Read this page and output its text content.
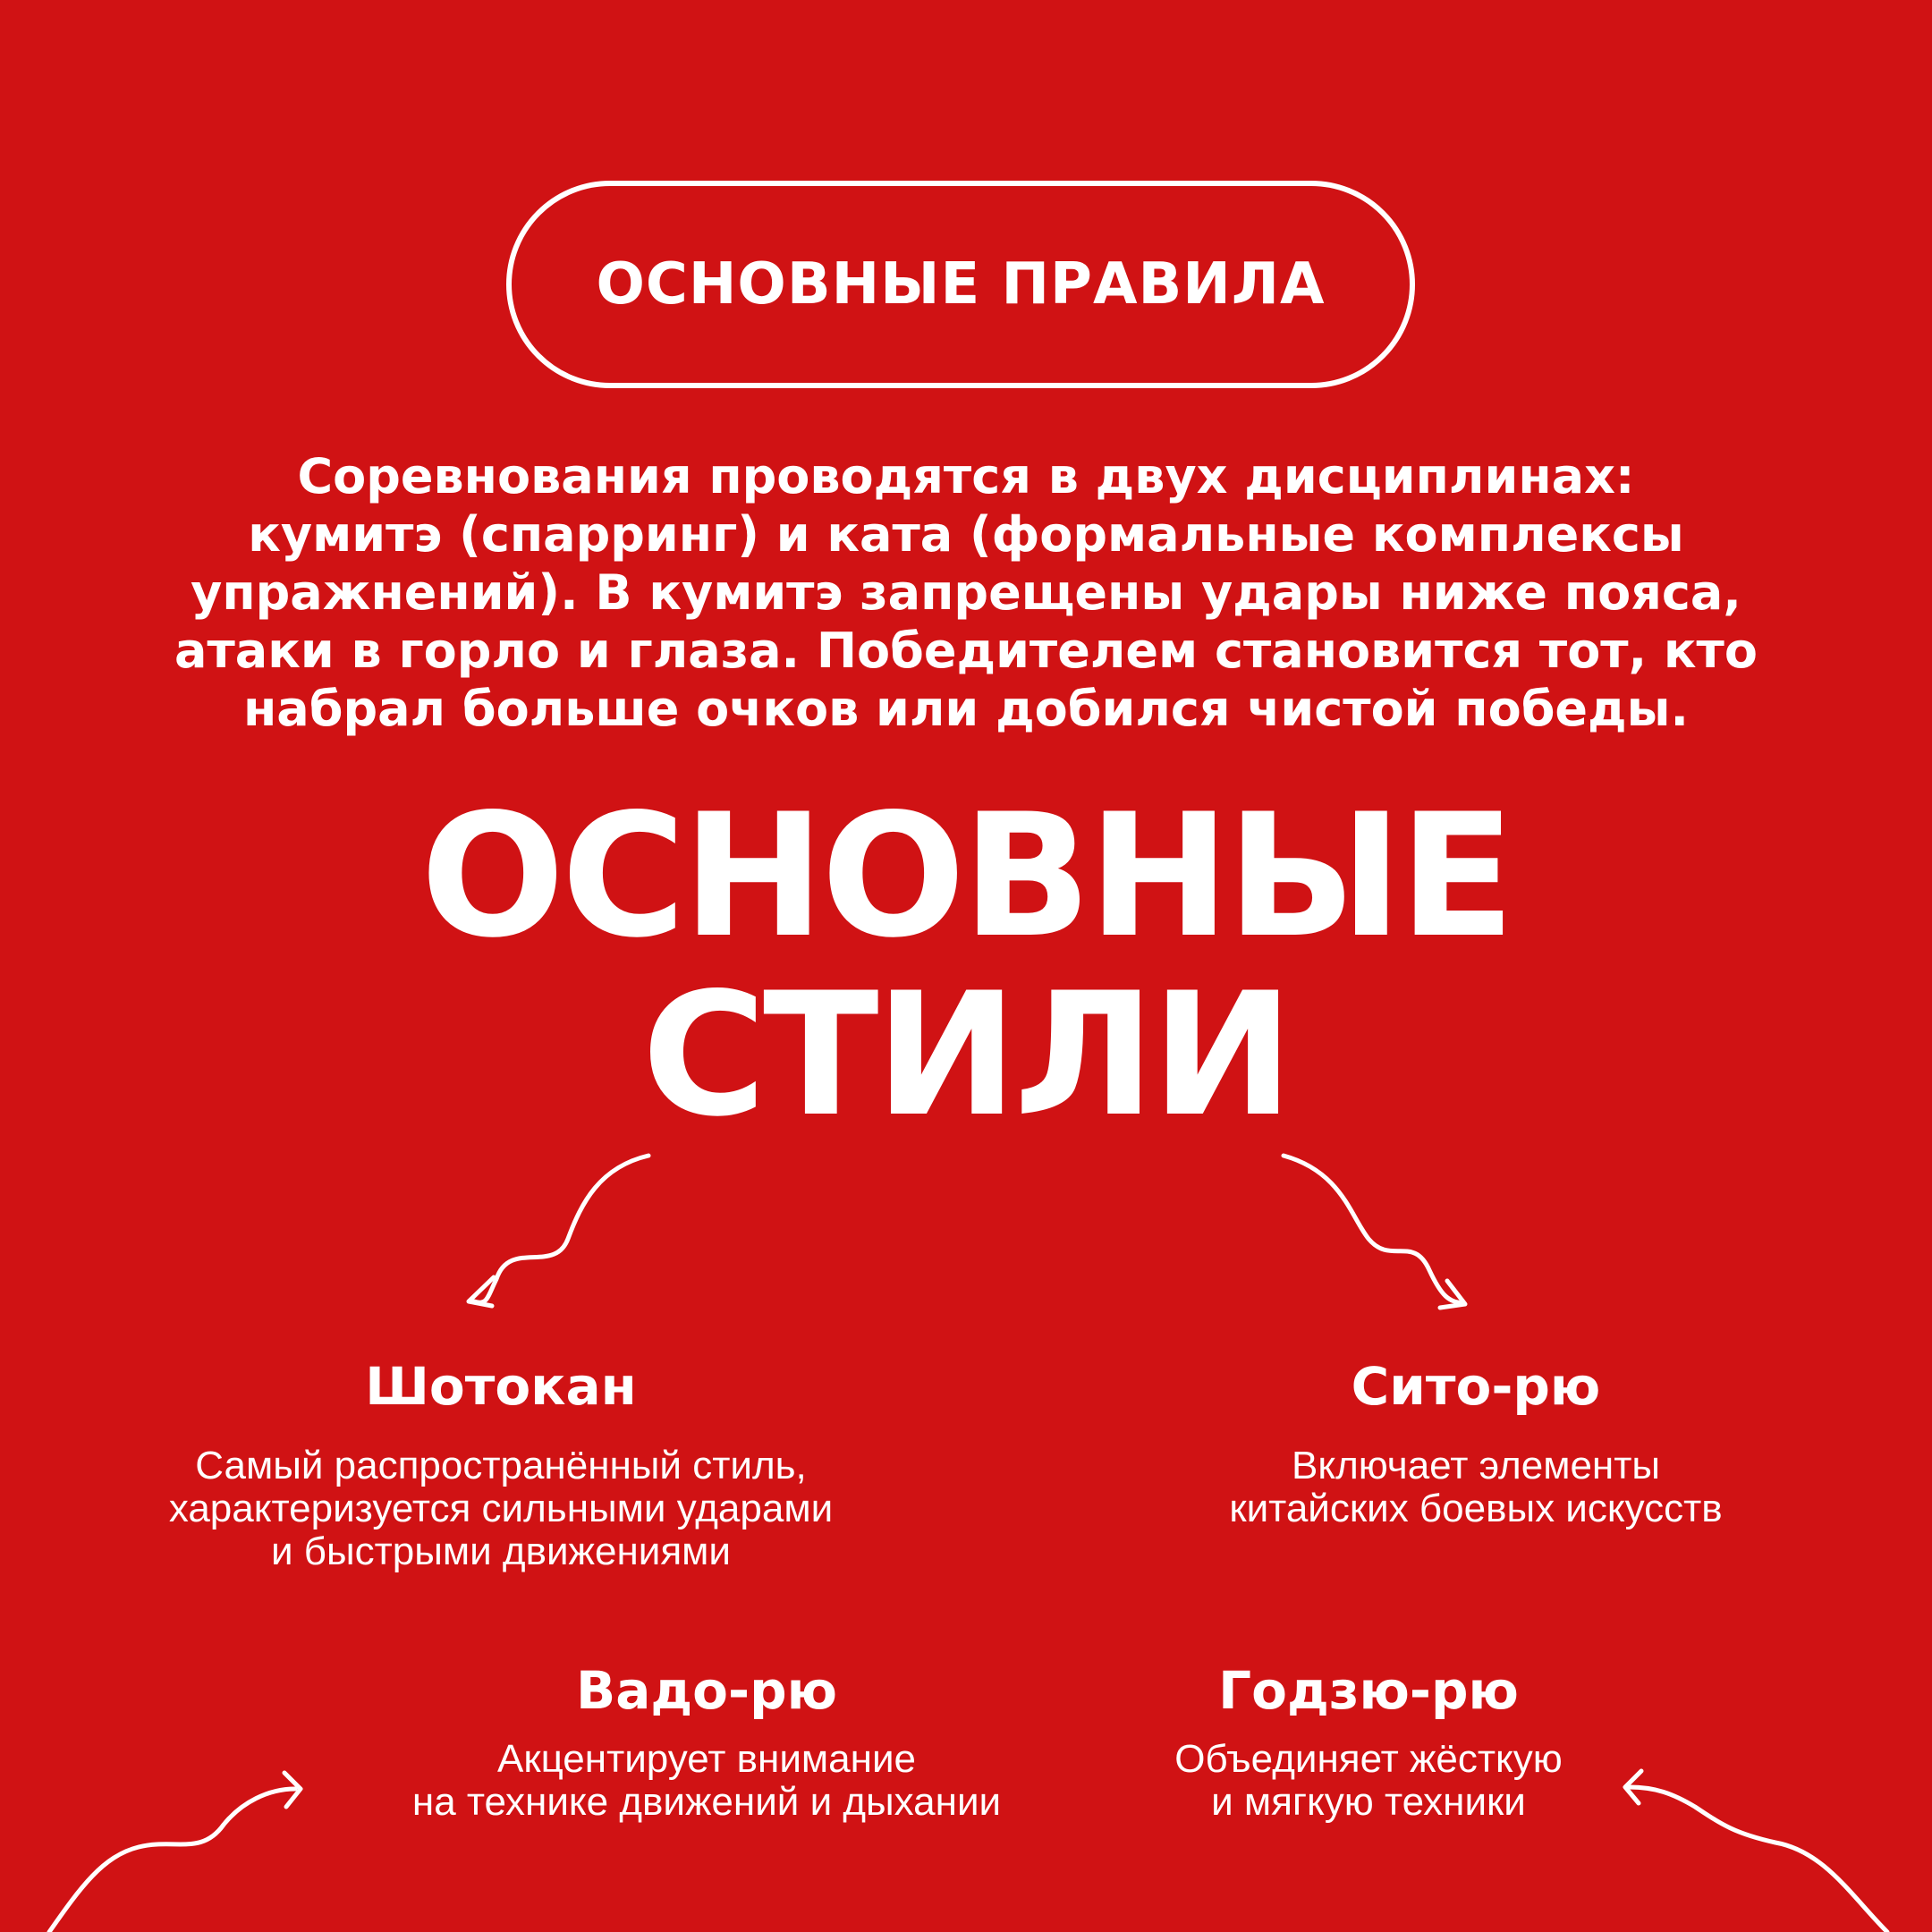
ОСНОВНЫЕ ПРАВИЛА
Соревнования проводятся в двух дисциплинах:
кумитэ (спарринг) и ката (формальные комплексы
упражнений). В кумитэ запрещены удары ниже пояса,
атаки в горло и глаза. Победителем становится тот, кто
набрал больше очков или добился чистой победы.
ОСНОВНЫЕ
СТИЛИ
Шотокан
Самый распространённый стиль,
характеризуется сильными ударами
и быстрыми движениями
Сито-рю
Включает элементы
китайских боевых искусств
Вадо-рю
Акцентирует внимание
на технике движений и дыхании
Годзю-рю
Объединяет жёсткую
и мягкую техники
